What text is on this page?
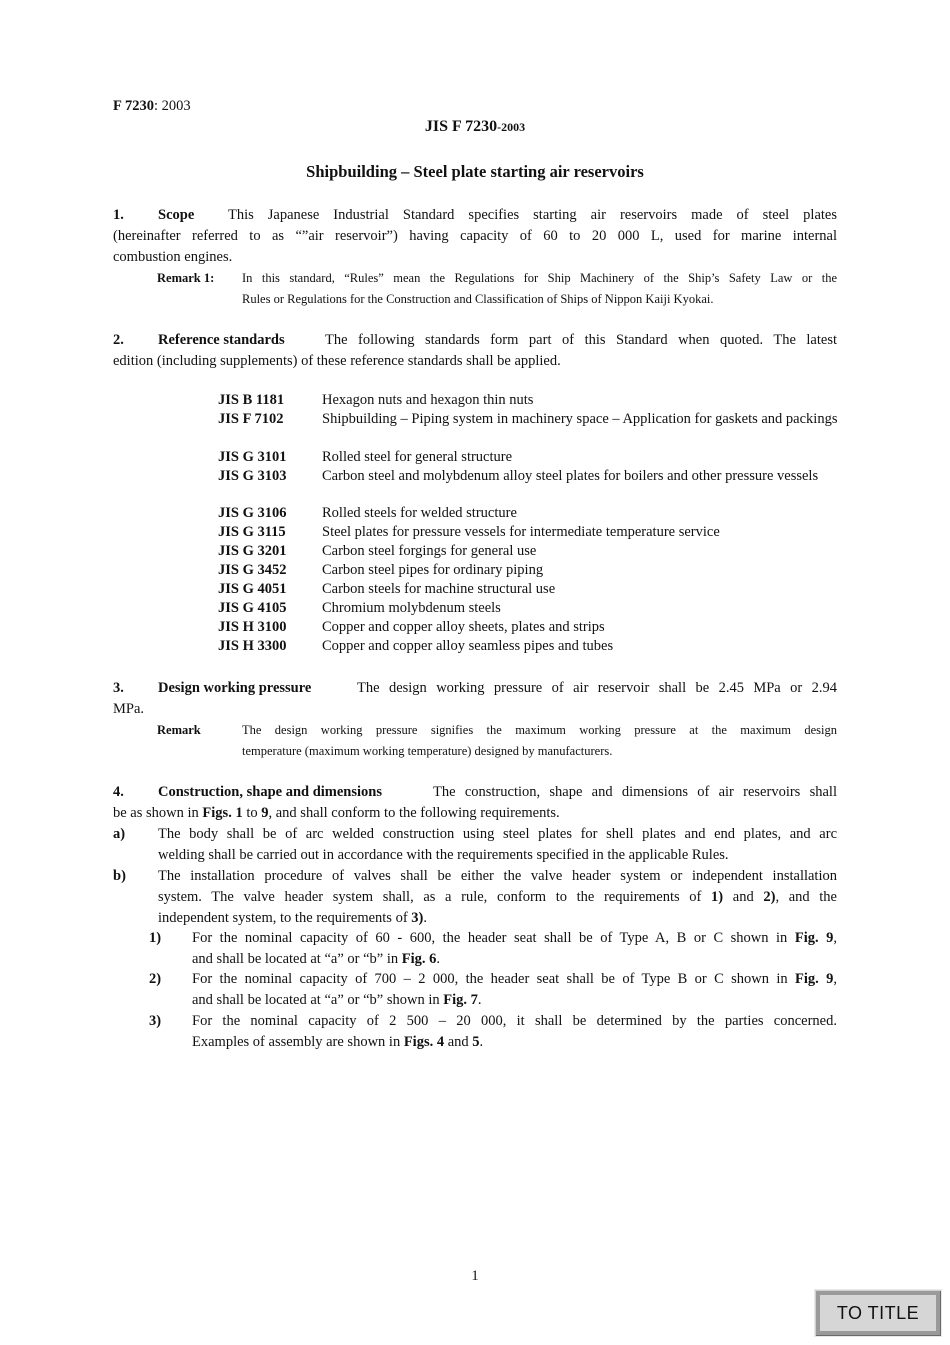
F 7230: 2003
JIS F 7230-2003
Shipbuilding – Steel plate starting air reservoirs
1. Scope This Japanese Industrial Standard specifies starting air reservoirs made of steel plates
(hereinafter referred to as “”air reservoir”) having capacity of 60 to 20 000 L, used for marine internal
combustion engines.
Remark 1: In this standard, “Rules” mean the Regulations for Ship Machinery of the Ship’s Safety Law or the
Rules or Regulations for the Construction and Classification of Ships of Nippon Kaiji Kyokai.
2. Reference standards	The following standards form part of this Standard when quoted. The latest
edition (including supplements) of these reference standards shall be applied.
JIS B 1181	Hexagon nuts and hexagon thin nuts
JIS F 7102	Shipbuilding – Piping system in machinery space – Application for gaskets and packings
JIS G 3101 Rolled steel for general structure
JIS G 3103 Carbon steel and molybdenum alloy steel plates for boilers and other pressure vessels
JIS G 3106 Rolled steels for welded structure
JIS G 3115	Steel plates for pressure vessels for intermediate temperature service
JIS G 3201 Carbon steel forgings for general use
JIS G 3452 Carbon steel pipes for ordinary piping
JIS G 4051 Carbon steels for machine structural use
JIS G 4105 Chromium molybdenum steels
JIS H 3100 Copper and copper alloy sheets, plates and strips
JIS H 3300 Copper and copper alloy seamless pipes and tubes
3. Design working pressure	The design working pressure of air reservoir shall be 2.45 MPa or 2.94
MPa.
Remark	The design working pressure signifies the maximum working pressure at the maximum design
temperature (maximum working temperature) designed by manufacturers.
4. Construction, shape and dimensions	The construction, shape and dimensions of air reservoirs shall
be as shown in Figs. 1 to 9, and shall conform to the following requirements.
a) The body shall be of arc welded construction using steel plates for shell plates and end plates, and arc
welding shall be carried out in accordance with the requirements specified in the applicable Rules.
b) The installation procedure of valves shall be either the valve header system or independent installation
system. The valve header system shall, as a rule, conform to the requirements of 1) and 2), and the
independent system, to the requirements of 3).
1) For the nominal capacity of 60 - 600, the header seat shall be of Type A, B or C shown in Fig. 9,
and shall be located at “a” or “b” in Fig. 6.
2) For the nominal capacity of 700 – 2 000, the header seat shall be of Type B or C shown in Fig. 9,
and shall be located at “a” or “b” shown in Fig. 7.
3) For the nominal capacity of 2 500 – 20 000, it shall be determined by the parties concerned.
Examples of assembly are shown in Figs. 4 and 5.
1
TO TITLE
